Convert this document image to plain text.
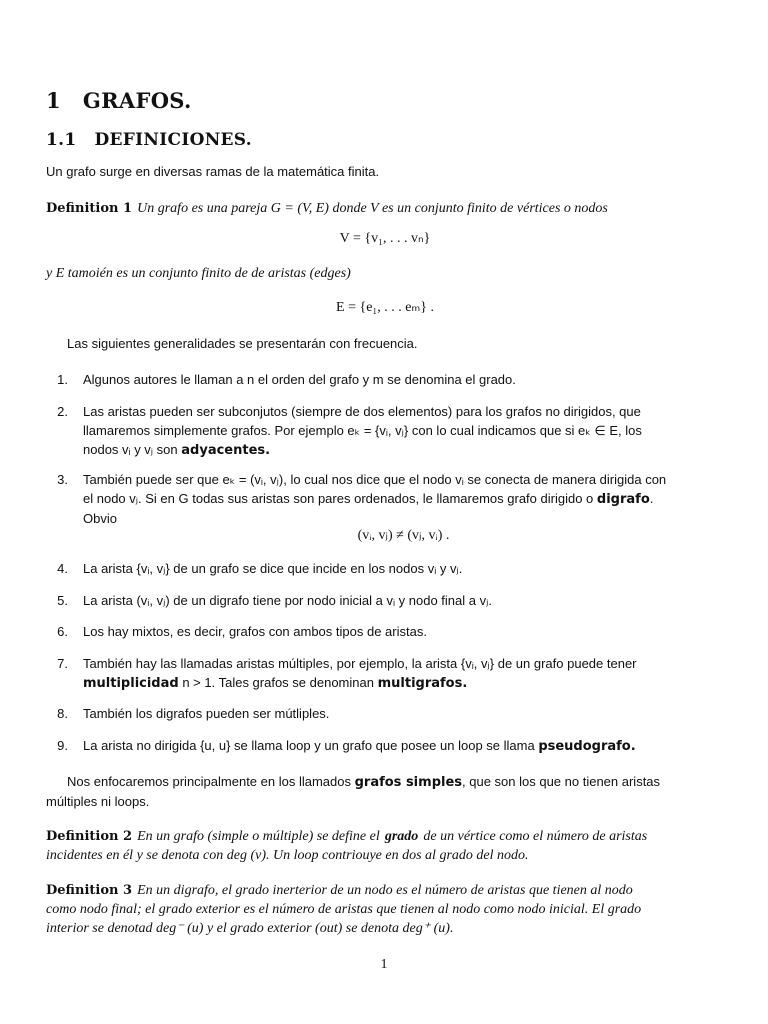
1 GRAFOS.
1.1 DEFINICIONES.
Un grafo surge en diversas ramas de la matemática finita.
Definition 1 Un grafo es una pareja G = (V, E) donde V es un conjunto finito de vértices o nodos
V = {v₁, . . . vₙ}
y E tamoién es un conjunto finito de de aristas (edges)
E = {e₁, . . . eₘ} .
Las siguientes generalidades se presentarán con frecuencia.
1. Algunos autores le llaman a n el orden del grafo y m se denomina el grado.
2. Las aristas pueden ser subconjutos (siempre de dos elementos) para los grafos no dirigidos, que
llamaremos simplemente grafos. Por ejemplo eₖ = {vᵢ, vⱼ} con lo cual indicamos que si eₖ ∈ E, los
nodos vᵢ y vⱼ son adyacentes.
3. También puede ser que eₖ = (vᵢ, vⱼ), lo cual nos dice que el nodo vᵢ se conecta de manera dirigida con
el nodo vⱼ. Si en G todas sus aristas son pares ordenados, le llamaremos grafo dirigido o digrafo.
Obvio
(vᵢ, vⱼ) ≠ (vⱼ, vᵢ) .
4. La arista {vᵢ, vⱼ} de un grafo se dice que incide en los nodos vᵢ y vⱼ.
5. La arista (vᵢ, vⱼ) de un digrafo tiene por nodo inicial a vᵢ y nodo final a vⱼ.
6. Los hay mixtos, es decir, grafos con ambos tipos de aristas.
7. También hay las llamadas aristas múltiples, por ejemplo, la arista {vᵢ, vⱼ} de un grafo puede tener
multiplicidad n > 1. Tales grafos se denominan multigrafos.
8. También los digrafos pueden ser mútliples.
9. La arista no dirigida {u, u} se llama loop y un grafo que posee un loop se llama pseudografo.
Nos enfocaremos principalmente en los llamados grafos simples, que son los que no tienen aristas
múltiples ni loops.
Definition 2 En un grafo (simple o múltiple) se define el grado de un vértice como el número de aristas
incidentes en él y se denota con deg (v). Un loop contriouye en dos al grado del nodo.
Definition 3 En un digrafo, el grado inerterior de un nodo es el número de aristas que tienen al nodo
como nodo final; el grado exterior es el número de aristas que tienen al nodo como nodo inicial. El grado
interior se denotad deg⁻ (u) y el grado exterior (out) se denota deg⁺ (u).
1
